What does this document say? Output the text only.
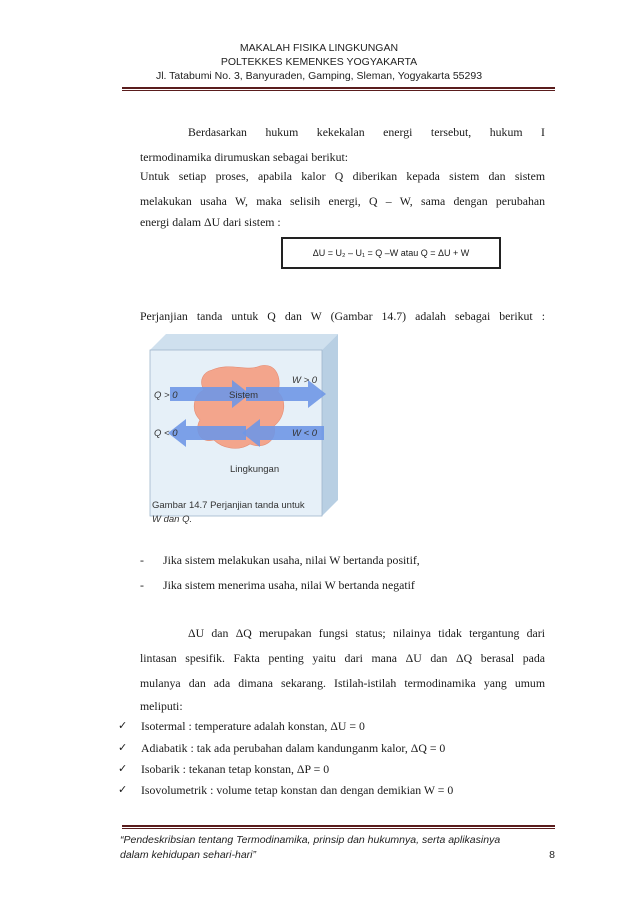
MAKALAH FISIKA LINGKUNGAN
POLTEKKES KEMENKES YOGYAKARTA
Jl. Tatabumi No. 3, Banyuraden, Gamping, Sleman, Yogyakarta 55293
Berdasarkan hukum kekekalan energi tersebut, hukum I
termodinamika dirumuskan sebagai berikut:
Untuk setiap proses, apabila kalor Q diberikan kepada sistem dan sistem
melakukan usaha W, maka selisih energi, Q – W, sama dengan perubahan
energi dalam ΔU dari sistem :
ΔU = U₂ – U₁ = Q –W atau Q = ΔU + W
Perjanjian tanda untuk Q dan W (Gambar 14.7) adalah sebagai berikut :
Sistem
Q > 0
Q < 0
W > 0
W < 0
Lingkungan
Gambar 14.7 Perjanjian tanda untuk
W dan Q.
- Jika sistem melakukan usaha, nilai W bertanda positif,
- Jika sistem menerima usaha, nilai W bertanda negatif
ΔU dan ΔQ merupakan fungsi status; nilainya tidak tergantung dari
lintasan spesifik. Fakta penting yaitu dari mana ΔU dan ΔQ berasal pada
mulanya dan ada dimana sekarang. Istilah-istilah termodinamika yang umum
meliputi:
✓	Isotermal : temperature adalah konstan, ΔU = 0
✓	Adiabatik : tak ada perubahan dalam kandunganm kalor, ΔQ = 0
✓	Isobarik : tekanan tetap konstan, ΔP = 0
✓	Isovolumetrik : volume tetap konstan dan dengan demikian W = 0
“Pendeskribsian tentang Termodinamika, prinsip dan hukumnya, serta aplikasinya
dalam kehidupan sehari-hari”	8
